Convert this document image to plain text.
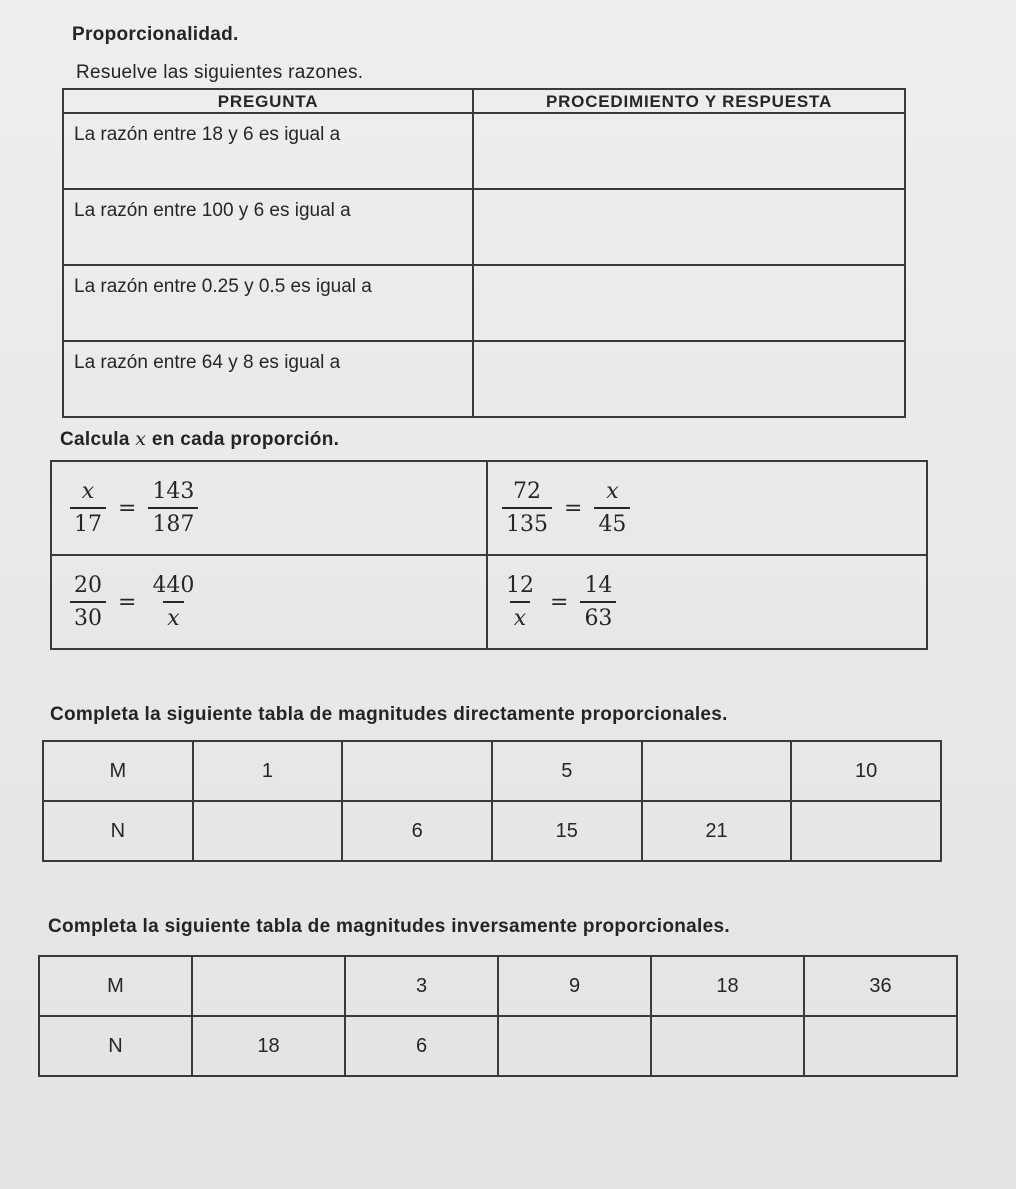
Proporcionalidad.
Resuelve las siguientes razones.
PREGUNTA	PROCEDIMIENTO Y RESPUESTA
La razón entre 18 y 6 es igual a	
La razón entre 100 y 6 es igual a	
La razón entre 0.25 y 0.5 es igual a	
La razón entre 64 y 8 es igual a	
Calcula x en cada proporción.
$\frac{x}{17} = \frac{143}{187}$	$\frac{72}{135} = \frac{x}{45}$

$\frac{20}{30} = \frac{440}{x}$	$\frac{12}{x} = \frac{14}{63}$
Completa la siguiente tabla de magnitudes directamente proporcionales.
M	1		5		10
N		6	15	21	
Completa la siguiente tabla de magnitudes inversamente proporcionales.
M		3	9	18	36
N	18	6			
